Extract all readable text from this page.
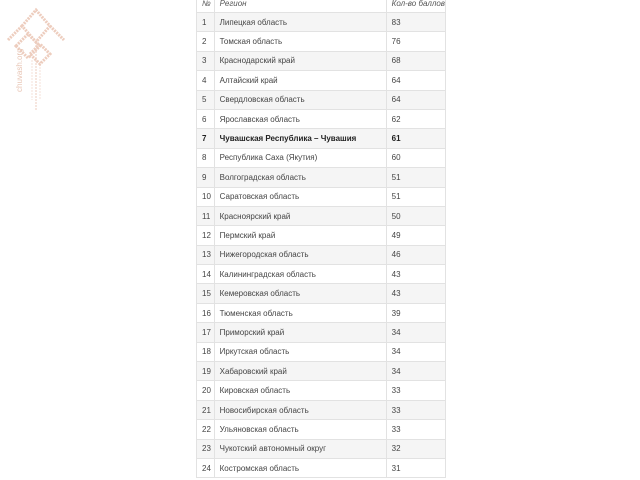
chuvash.org
№	Регион	Кол-во баллов
1	Липецкая область	83
2	Томская область	76
3	Краснодарский край	68
4	Алтайский край	64
5	Свердловская область	64
6	Ярославская область	62
7	Чувашская Республика – Чувашия	61
8	Республика Саха (Якутия)	60
9	Волгоградская область	51
10	Саратовская область	51
11	Красноярский край	50
12	Пермский край	49
13	Нижегородская область	46
14	Калининградская область	43
15	Кемеровская область	43
16	Тюменская область	39
17	Приморский край	34
18	Иркутская область	34
19	Хабаровский край	34
20	Кировская область	33
21	Новосибирская область	33
22	Ульяновская область	33
23	Чукотский автономный округ	32
24	Костромская область	31
